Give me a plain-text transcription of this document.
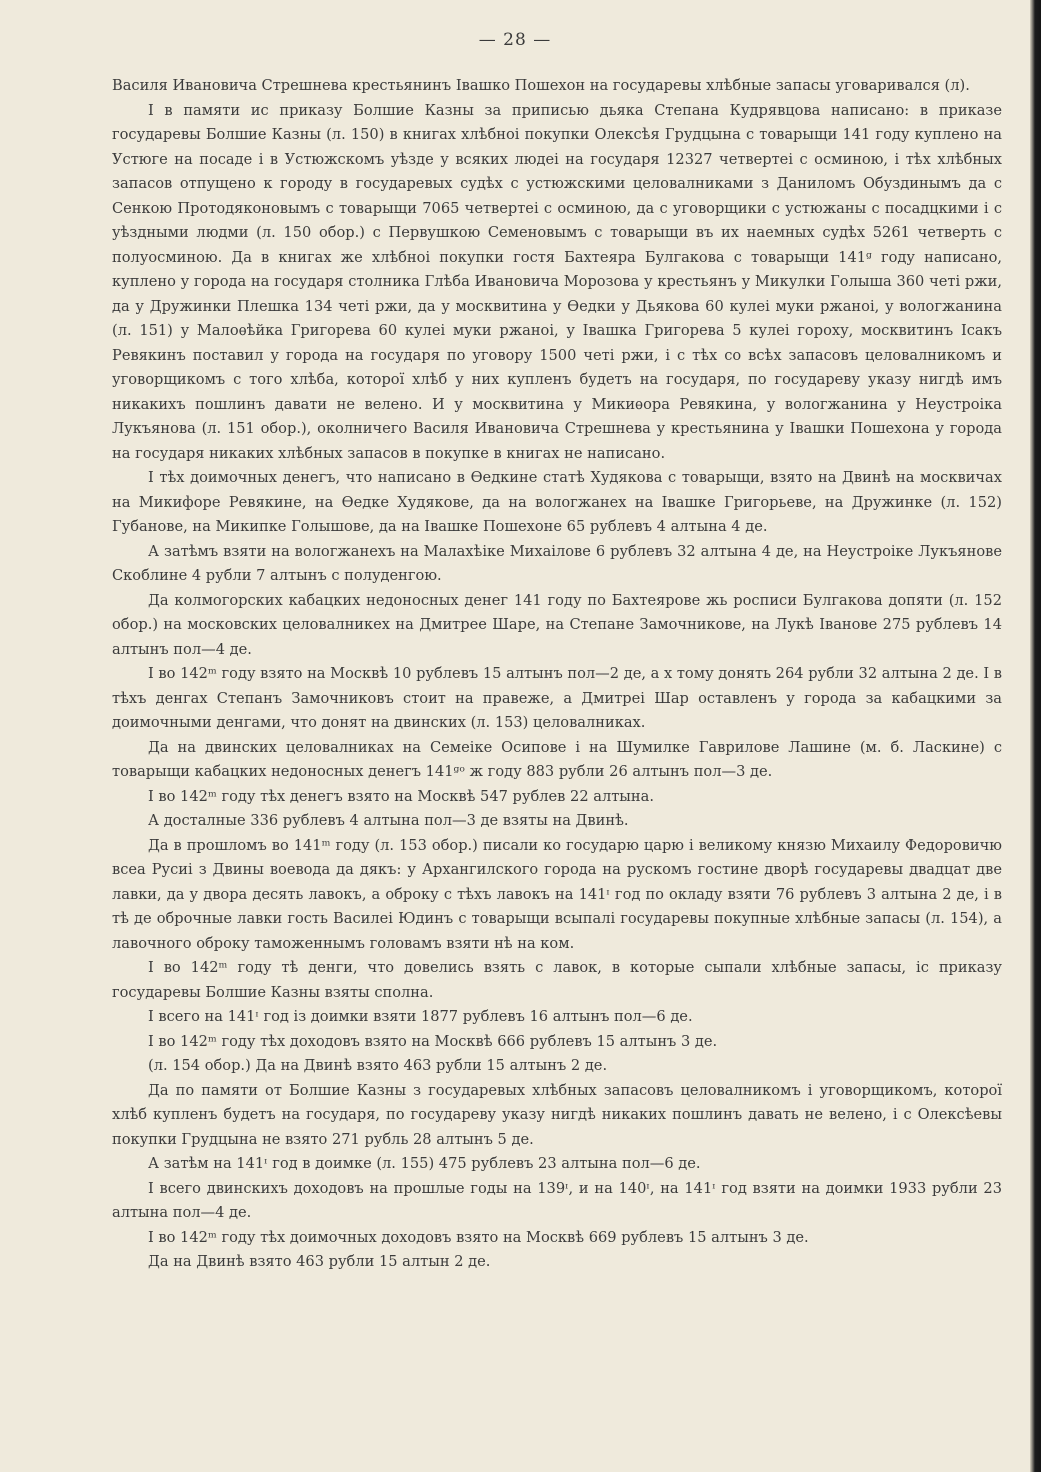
— 28 —

Василя Ивановича Стрешнева крестьянинъ Івашко Пошехон на государевы хлѣбные запасы уговаривался (л).

І в памяти ис приказу Болшие Казны за приписью дьяка Степана Кудрявцова написано: в приказе государевы Болшие Казны (л. 150) в книгах хлѣбноі покупки Олексѣя Грудцына с товарыщи 141 году куплено на Устюге на посаде і в Устюжскомъ уѣзде у всяких людеі на государя 12327 четвертеі с осминою, і тѣх хлѣбных запасов отпущено к городу в государевых судѣх с устюжскими целовалниками з Даниломъ Обуздинымъ да с Сенкою Протодяконовымъ с товарыщи 7065 четвертеі с осминою, да с уговорщики с устюжаны с посадцкими і с уѣздными людми (л. 150 обор.) с Первушкою Семеновымъ с товарыщи въ их наемных судѣх 5261 четверть с полуосминою. Да в книгах же хлѣбноі покупки гостя Бахтеяра Булгакова с товарыщи 141ᵍ году написано, куплено у города на государя столника Глѣба Ивановича Морозова у крестьянъ у Микулки Голыша 360 четі ржи, да у Дружинки Плешка 134 четі ржи, да у москвитина у Ѳедки у Дьякова 60 кулеі муки ржаноі, у вологжанина (л. 151) у Малоѳѣйка Григорева 60 кулеі муки ржаноі, у Івашка Григорева 5 кулеі гороху, москвитинъ Ісакъ Ревякинъ поставил у города на государя по уговору 1500 четі ржи, і с тѣх со всѣх запасовъ целовалникомъ и уговорщикомъ с того хлѣба, которої хлѣб у них купленъ будетъ на государя, по государеву указу нигдѣ имъ никакихъ пошлинъ давати не велено. И у москвитина у Микиѳора Ревякина, у вологжанина у Неустроіка Лукъянова (л. 151 обор.), околничего Василя Ивановича Стрешнева у крестьянина у Івашки Пошехона у города на государя никаких хлѣбных запасов в покупке в книгах не написано.

І тѣх доимочных денегъ, что написано в Ѳедкине статѣ Худякова с товарыщи, взято на Двинѣ на москвичах на Микифоре Ревякине, на Ѳедке Худякове, да на вологжанех на Івашке Григорьеве, на Дружинке (л. 152) Губанове, на Микипке Голышове, да на Івашке Пошехоне 65 рублевъ 4 алтына 4 де.

А затѣмъ взяти на вологжанехъ на Малахѣіке Михаілове 6 рублевъ 32 алтына 4 де, на Неустроіке Лукъянове Скоблине 4 рубли 7 алтынъ с полуденгою.

Да колмогорских кабацких недоносных денег 141 году по Бахтеярове жь росписи Булгакова допяти (л. 152 обор.) на московских целовалникех на Дмитрее Шаре, на Степане Замочникове, на Лукѣ Іванове 275 рублевъ 14 алтынъ пол—4 де.

І во 142ᵐ году взято на Москвѣ 10 рублевъ 15 алтынъ пол—2 де, а х тому донять 264 рубли 32 алтына 2 де. І в тѣхъ денгах Степанъ Замочниковъ стоит на правеже, а Дмитреі Шар оставленъ у города за кабацкими за доимочными денгами, что донят на двинских (л. 153) целовалниках.

Да на двинских целовалниках на Семеіке Осипове і на Шумилке Гаврилове Лашине (м. б. Ласкине) с товарыщи кабацких недоносных денегъ 141ᵍᵒ ж году 883 рубли 26 алтынъ пол—3 де.

І во 142ᵐ году тѣх денегъ взято на Москвѣ 547 рублев 22 алтына.

А досталные 336 рублевъ 4 алтына пол—3 де взяты на Двинѣ.

Да в прошломъ во 141ᵐ году (л. 153 обор.) писали ко государю царю і великому князю Михаилу Федоровичю всеа Русиі з Двины воевода да дякъ: у Архангилского города на рускомъ гостине дворѣ государевы двадцат две лавки, да у двора десять лавокъ, а оброку с тѣхъ лавокъ на 141ᶦ год по окладу взяти 76 рублевъ 3 алтына 2 де, і в тѣ де оброчные лавки гость Василеі Юдинъ с товарыщи всыпалі государевы покупные хлѣбные запасы (л. 154), а лавочного оброку таможеннымъ головамъ взяти нѣ на ком.

І во 142ᵐ году тѣ денги, что довелись взять с лавок, в которые сыпали хлѣбные запасы, іс приказу государевы Болшие Казны взяты сполна.

І всего на 141ᶦ год із доимки взяти 1877 рублевъ 16 алтынъ пол—6 де.

І во 142ᵐ году тѣх доходовъ взято на Москвѣ 666 рублевъ 15 алтынъ 3 де.

(л. 154 обор.) Да на Двинѣ взято 463 рубли 15 алтынъ 2 де.

Да по памяти от Болшие Казны з государевых хлѣбных запасовъ целовалникомъ і уговорщикомъ, которої хлѣб купленъ будетъ на государя, по государеву указу нигдѣ никаких пошлинъ давать не велено, і с Олексѣевы покупки Грудцына не взято 271 рубль 28 алтынъ 5 де.

А затѣм на 141ᶦ год в доимке (л. 155) 475 рублевъ 23 алтына пол—6 де.

І всего двинскихъ доходовъ на прошлые годы на 139ᶦ, и на 140ᶦ, на 141ᶦ год взяти на доимки 1933 рубли 23 алтына пол—4 де.

І во 142ᵐ году тѣх доимочных доходовъ взято на Москвѣ 669 рублевъ 15 алтынъ 3 де.

Да на Двинѣ взято 463 рубли 15 алтын 2 де.
